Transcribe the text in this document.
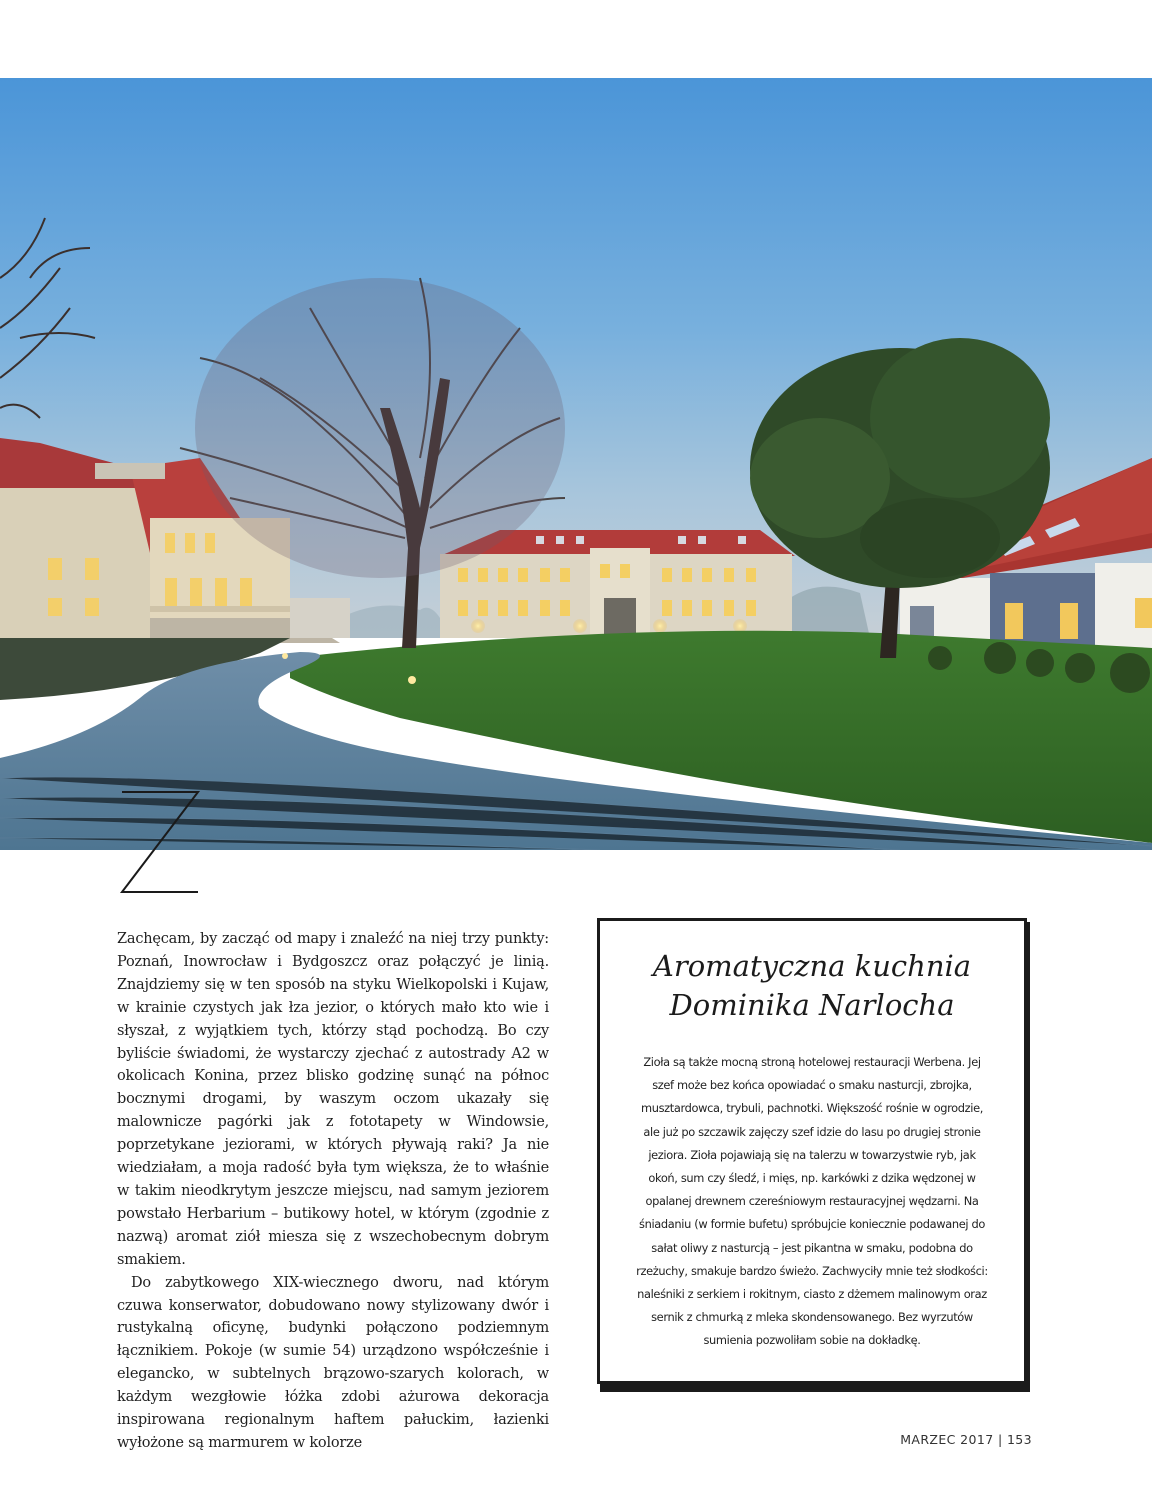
Zachęcam, by zacząć od mapy i znaleźć na niej trzy punkty: Poznań, Inowrocław i Bydgoszcz oraz połączyć je linią. Znajdziemy się w ten sposób na styku Wielkopolski i Kujaw, w krainie czystych jak łza jezior, o których mało kto wie i słyszał, z wyjątkiem tych, którzy stąd pochodzą. Bo czy byliście świadomi, że wystarczy zjechać z autostrady A2 w okolicach Konina, przez blisko godzinę sunąć na północ bocznymi drogami, by waszym oczom ukazały się malownicze pagórki jak z fototapety w Windowsie, poprzetykane jeziorami, w których pływają raki? Ja nie wiedziałam, a moja radość była tym większa, że to właśnie w takim nieodkrytym jeszcze miejscu, nad samym jeziorem powstało Herbarium – butikowy hotel, w którym (zgodnie z nazwą) aromat ziół miesza się z wszechobecnym dobrym smakiem.

Do zabytkowego XIX-wiecznego dworu, nad którym czuwa konserwator, dobudowano nowy stylizowany dwór i rustykalną oficynę, budynki połączono podziemnym łącznikiem. Pokoje (w sumie 54) urządzono współcześnie i elegancko, w subtelnych brązowo-szarych kolorach, w każdym wezgłowie łóżka zdobi ażurowa dekoracja inspirowana regionalnym haftem pałuckim, łazienki wyłożone są marmurem w kolorze

Aromatyczna kuchnia
Dominika Narlocha

Zioła są także mocną stroną hotelowej restauracji Werbena. Jej szef może bez końca opowiadać o smaku nasturcji, zbrojka, musztardowca, trybuli, pachnotki. Większość rośnie w ogrodzie, ale już po szczawik zajęczy szef idzie do lasu po drugiej stronie jeziora. Zioła pojawiają się na talerzu w towarzystwie ryb, jak okoń, sum czy śledź, i mięs, np. karkówki z dzika wędzonej w opalanej drewnem czereśniowym restauracyjnej wędzarni. Na śniadaniu (w formie bufetu) spróbujcie koniecznie podawanej do sałat oliwy z nasturcją – jest pikantna w smaku, podobna do rzeżuchy, smakuje bardzo świeżo. Zachwyciły mnie też słodkości: naleśniki z serkiem i rokitnym, ciasto z dżemem malinowym oraz sernik z chmurką z mleka skondensowanego. Bez wyrzutów sumienia pozwoliłam sobie na dokładkę.

MARZEC 2017 | 153
